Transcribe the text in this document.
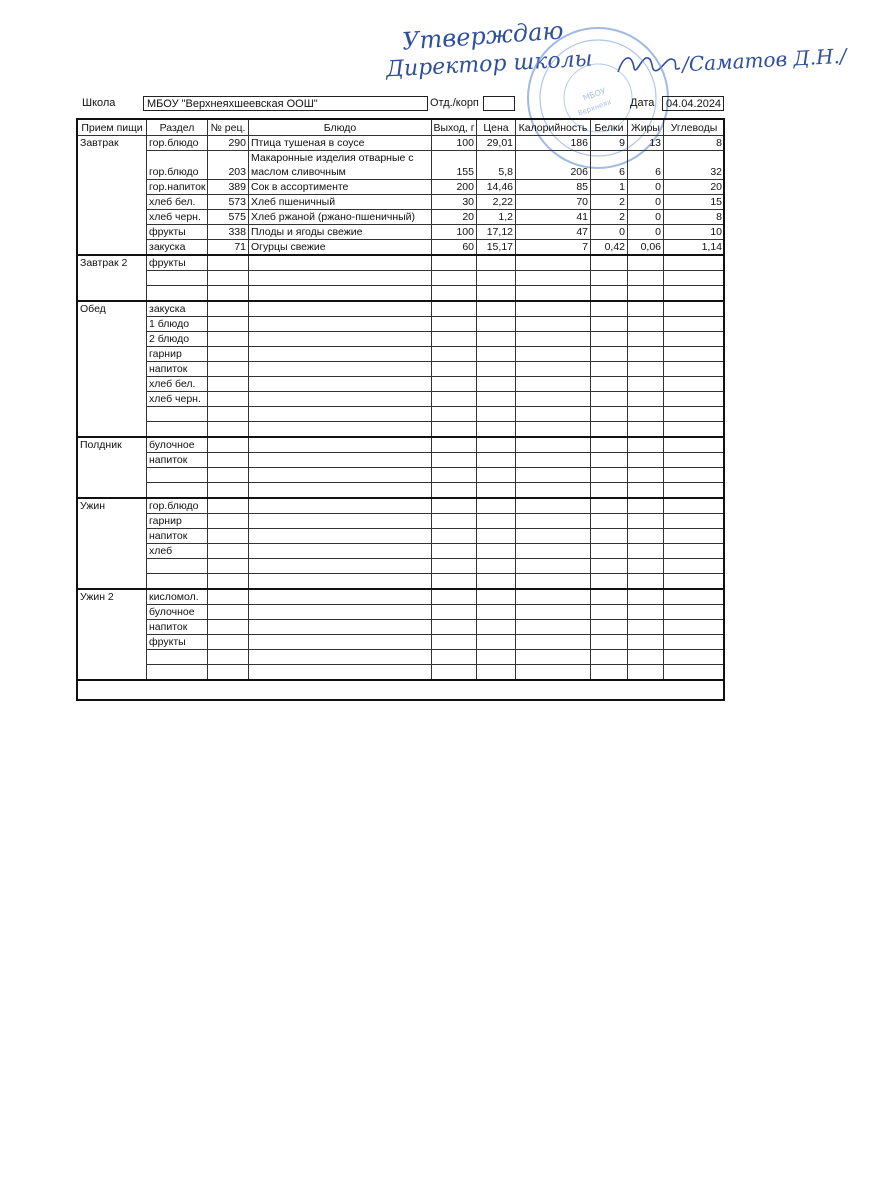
Утверждаю
Директор школы	/Саматов Д.Н./
МБОУ
Верхнеях
Школа	МБОУ "Верхнеяхшеевская ООШ"	Отд./корп	Дата	04.04.2024
Прием пищи	Раздел	№ рец.	Блюдо	Выход, г	Цена	Калорийность	Белки	Жиры	Углеводы
Завтрак	гор.блюдо	290	Птица тушеная в соусе	100	29,01	186	9	13	8
	гор.блюдо	203	Макаронные изделия отварные с маслом сливочным	155	5,8	206	6	6	32
	гор.напиток	389	Сок в ассортименте	200	14,46	85	1	0	20
	хлеб бел.	573	Хлеб пшеничный	30	2,22	70	2	0	15
	хлеб черн.	575	Хлеб ржаной (ржано-пшеничный)	20	1,2	41	2	0	8
	фрукты	338	Плоды и ягоды свежие	100	17,12	47	0	0	10
	закуска	71	Огурцы свежие	60	15,17	7	0,42	0,06	1,14
Завтрак 2	фрукты								

Обед	закуска								
	1 блюдо								
	2 блюдо								
	гарнир								
	напиток								
	хлеб бел.								
	хлеб черн.								

Полдник	булочное								
	напиток								

Ужин	гор.блюдо								
	гарнир								
	напиток								
	хлеб								

Ужин 2	кисломол.								
	булочное								
	напиток								
	фрукты								
